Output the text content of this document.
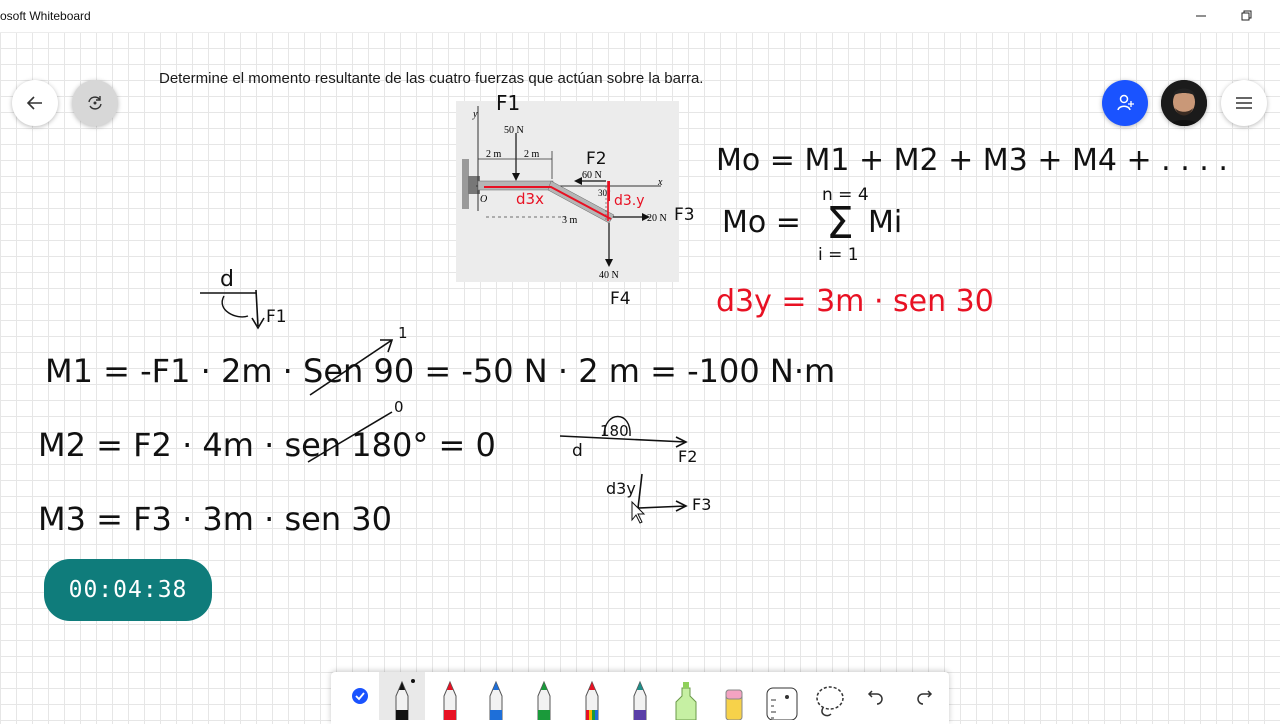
osoft Whiteboard
Determine el momento resultante de las cuatro fuerzas que actúan sobre la barra.
y
50 N
2 m 2 m
60 N
30°
x
O
3 m	20 N
40 N
d3x	d3.y
F1
F2
F3
F4
Mo = M1 + M2 + M3 + M4 + . . . .
n = 4
Mo = Σ Mi
i = 1
d3y = 3m · sen 30
d
F1
M1 = -F1 · 2m · Sen 90 = -50 N · 2 m = -100 N·m
1
M2 = F2 · 4m · sen 180° = 0
0
180
d	F2
d3y
F3
M3 = F3 · 3m · sen 30
00:04:38
